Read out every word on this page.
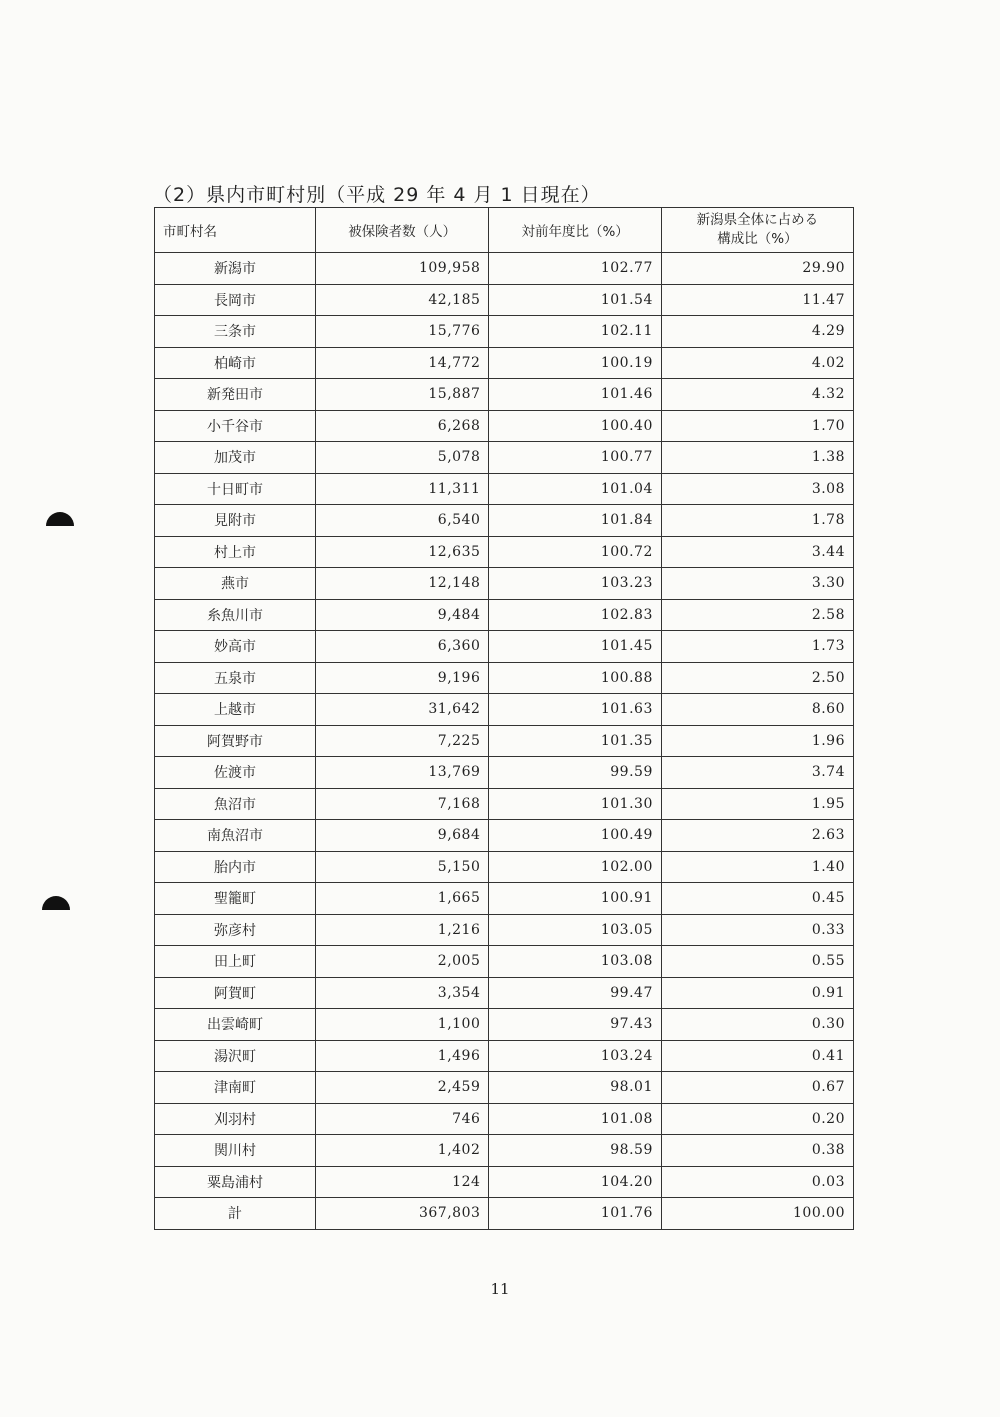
（2）県内市町村別（平成 29 年 4 月 1 日現在）
市町村名	被保険者数（人）	対前年度比（%）	新潟県全体に占める
構成比（%）
新潟市	109,958	102.77	29.90
長岡市	42,185	101.54	11.47
三条市	15,776	102.11	4.29
柏崎市	14,772	100.19	4.02
新発田市	15,887	101.46	4.32
小千谷市	6,268	100.40	1.70
加茂市	5,078	100.77	1.38
十日町市	11,311	101.04	3.08
見附市	6,540	101.84	1.78
村上市	12,635	100.72	3.44
燕市	12,148	103.23	3.30
糸魚川市	9,484	102.83	2.58
妙高市	6,360	101.45	1.73
五泉市	9,196	100.88	2.50
上越市	31,642	101.63	8.60
阿賀野市	7,225	101.35	1.96
佐渡市	13,769	99.59	3.74
魚沼市	7,168	101.30	1.95
南魚沼市	9,684	100.49	2.63
胎内市	5,150	102.00	1.40
聖籠町	1,665	100.91	0.45
弥彦村	1,216	103.05	0.33
田上町	2,005	103.08	0.55
阿賀町	3,354	99.47	0.91
出雲崎町	1,100	97.43	0.30
湯沢町	1,496	103.24	0.41
津南町	2,459	98.01	0.67
刈羽村	746	101.08	0.20
関川村	1,402	98.59	0.38
粟島浦村	124	104.20	0.03
計	367,803	101.76	100.00
11
